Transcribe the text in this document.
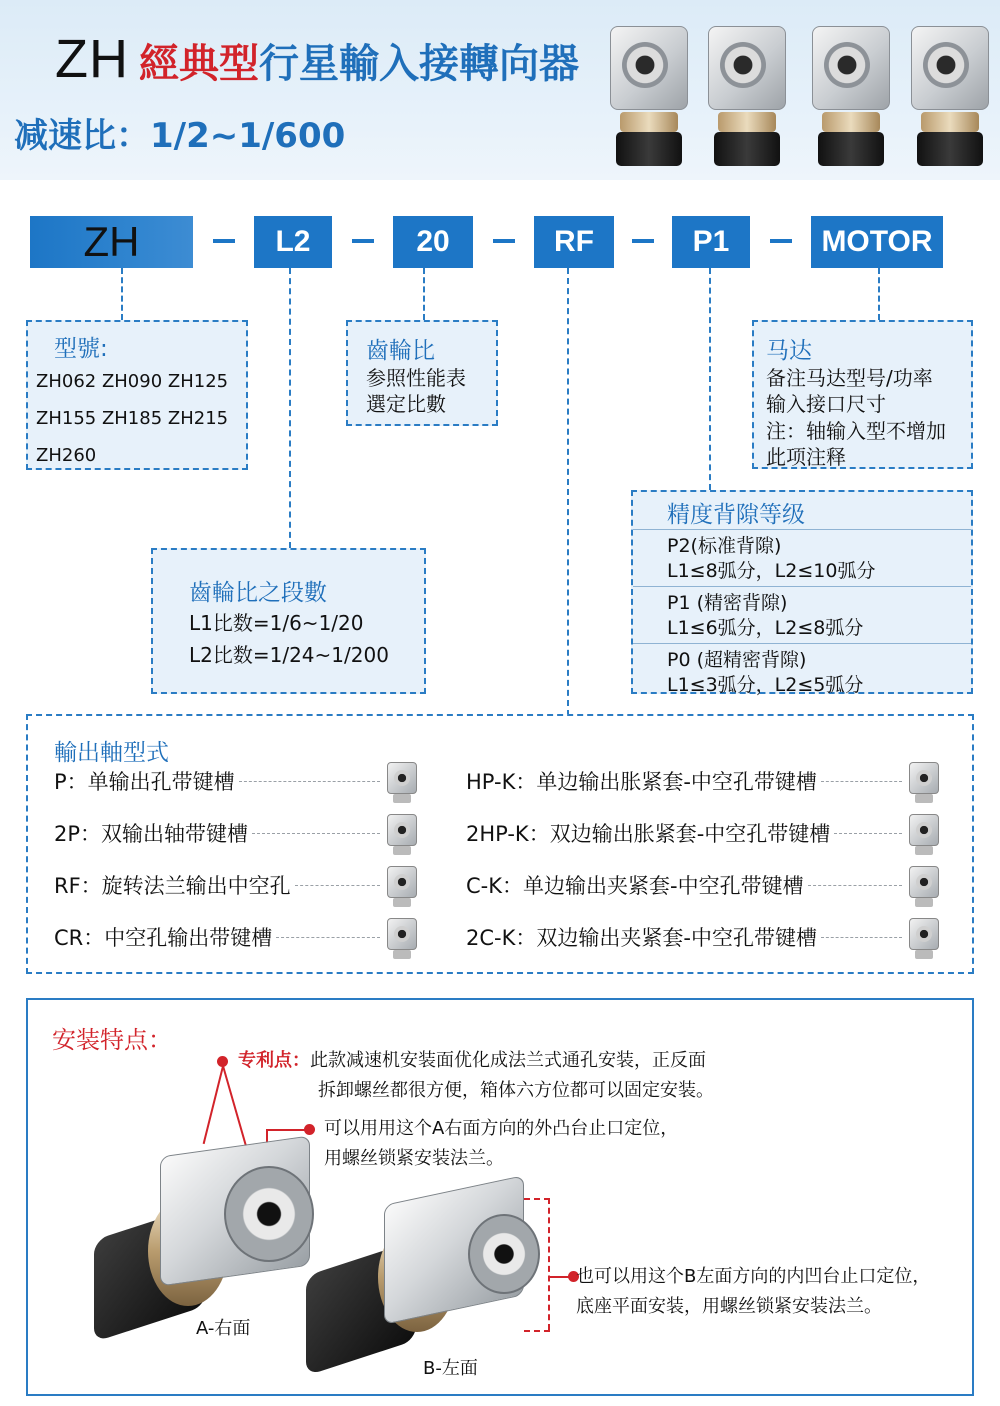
ZH 經典型 行星輸入接轉向器
减速比：1/2~1/600
ZH	L2	20	RF	P1	MOTOR
型號:
ZH062 ZH090 ZH125
ZH155 ZH185 ZH215
ZH260
齒輪比
参照性能表
選定比數
马达
备注马达型号/功率
输入接口尺寸
注：轴输入型不增加
此项注释
齒輪比之段數
L1比数=1/6~1/20
L2比数=1/24~1/200
精度背隙等级
P2(标准背隙)
L1≤8弧分，L2≤10弧分
P1 (精密背隙)
L1≤6弧分，L2≤8弧分
P0 (超精密背隙)
L1≤3弧分，L2≤5弧分
輸出軸型式
P：单输出孔带键槽
2P：双输出轴带键槽
RF：旋转法兰输出中空孔
CR：中空孔输出带键槽
HP-K：单边输出胀紧套-中空孔带键槽
2HP-K：双边输出胀紧套-中空孔带键槽
C-K：单边输出夹紧套-中空孔带键槽
2C-K：双边输出夹紧套-中空孔带键槽
安装特点：
专利点：此款减速机安装面优化成法兰式通孔安装，正反面
拆卸螺丝都很方便，箱体六方位都可以固定安装。
可以用用这个A右面方向的外凸台止口定位，
用螺丝锁紧安装法兰。
A-右面
B-左面
也可以用这个B左面方向的内凹台止口定位，
底座平面安装，用螺丝锁紧安装法兰。
